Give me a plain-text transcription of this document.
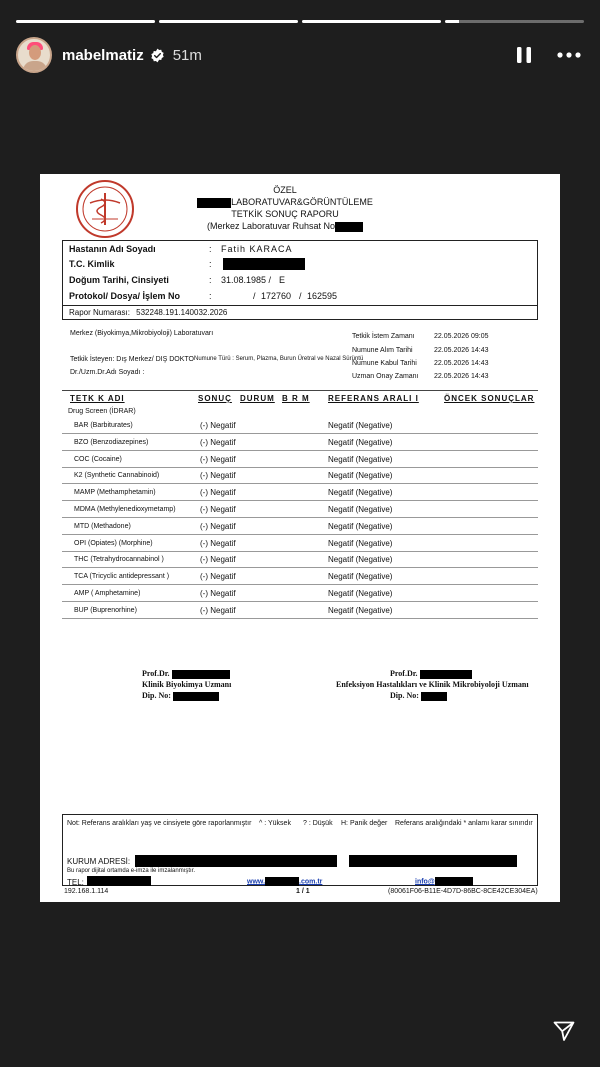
mabelmatiz 51m
ÖZEL
LABORATUVAR&GÖRÜNTÜLEME
TETKİK SONUÇ RAPORU
(Merkez Laboratuvar Ruhsat No
Hastanın Adı Soyadı	: Fatih KARACA
T.C. Kimlik	:
Doğum Tarihi, Cinsiyeti	: 31.08.1985 / E
Protokol/ Dosya/ İşlem No	:	/ 172760 / 162595
Rapor Numarası: 532248.191.140032.2026
Merkez (Biyokimya,Mikrobiyoloji) Laboratuvarı
Tetkik İsteyen: Dış Merkez/ DIŞ DOKTO Numune Türü : Serum, Plazma, Burun Üretral ve Nazal Sürüntü
Dr./Uzm.Dr.Adı Soyadı :
Tetkik İstem Zamanı	22.05.2026 09:05
Numune Alım Tarihi	22.05.2026 14:43
Numune Kabul Tarihi 22.05.2026 14:43
Uzman Onay Zamanı 22.05.2026 14:43
TETK K ADI	SONUÇ DURUM B R M REFERANS ARALI I	ÖNCEK SONUÇLAR
Drug Screen (İDRAR)
BAR (Barbiturates)	(-) Negatif	Negatif (Negative)
BZO (Benzodiazepines)	(-) Negatif	Negatif (Negative)
COC (Cocaine)	(-) Negatif	Negatif (Negative)
K2 (Synthetic Cannabinoid)	(-) Negatif	Negatif (Negative)
MAMP (Methamphetamin)	(-) Negatif	Negatif (Negative)
MDMA (Methylenedioxymetamp)	(-) Negatif	Negatif (Negative)
MTD (Methadone)	(-) Negatif	Negatif (Negative)
OPI (Opiates) (Morphine)	(-) Negatif	Negatif (Negative)
THC (Tetrahydrocannabinol )	(-) Negatif	Negatif (Negative)
TCA (Tricyclic antidepressant )	(-) Negatif	Negatif (Negative)
AMP ( Amphetamine)	(-) Negatif	Negatif (Negative)
BUP (Buprenorhine)	(-) Negatif	Negatif (Negative)
Prof.Dr.
Klinik Biyokimya Uzmanı
Dip. No:
Prof.Dr.
Enfeksiyon Hastalıkları ve Klinik Mikrobiyoloji Uzmanı
Dip. No:
Not: Referans aralıkları yaş ve cinsiyete göre raporlanmıştır ^ : Yüksek ? : Düşük H: Panik değer Referans aralığındaki * anlamı karar sınırıdır
KURUM ADRESİ:
Bu rapor dijital ortamda e-imza ile imzalanmıştır.
TEL:	www.	.com.tr	info@
192.168.1.114	1 / 1	(80061F06-B11E-4D7D-86BC-8CE42CE304EA)
